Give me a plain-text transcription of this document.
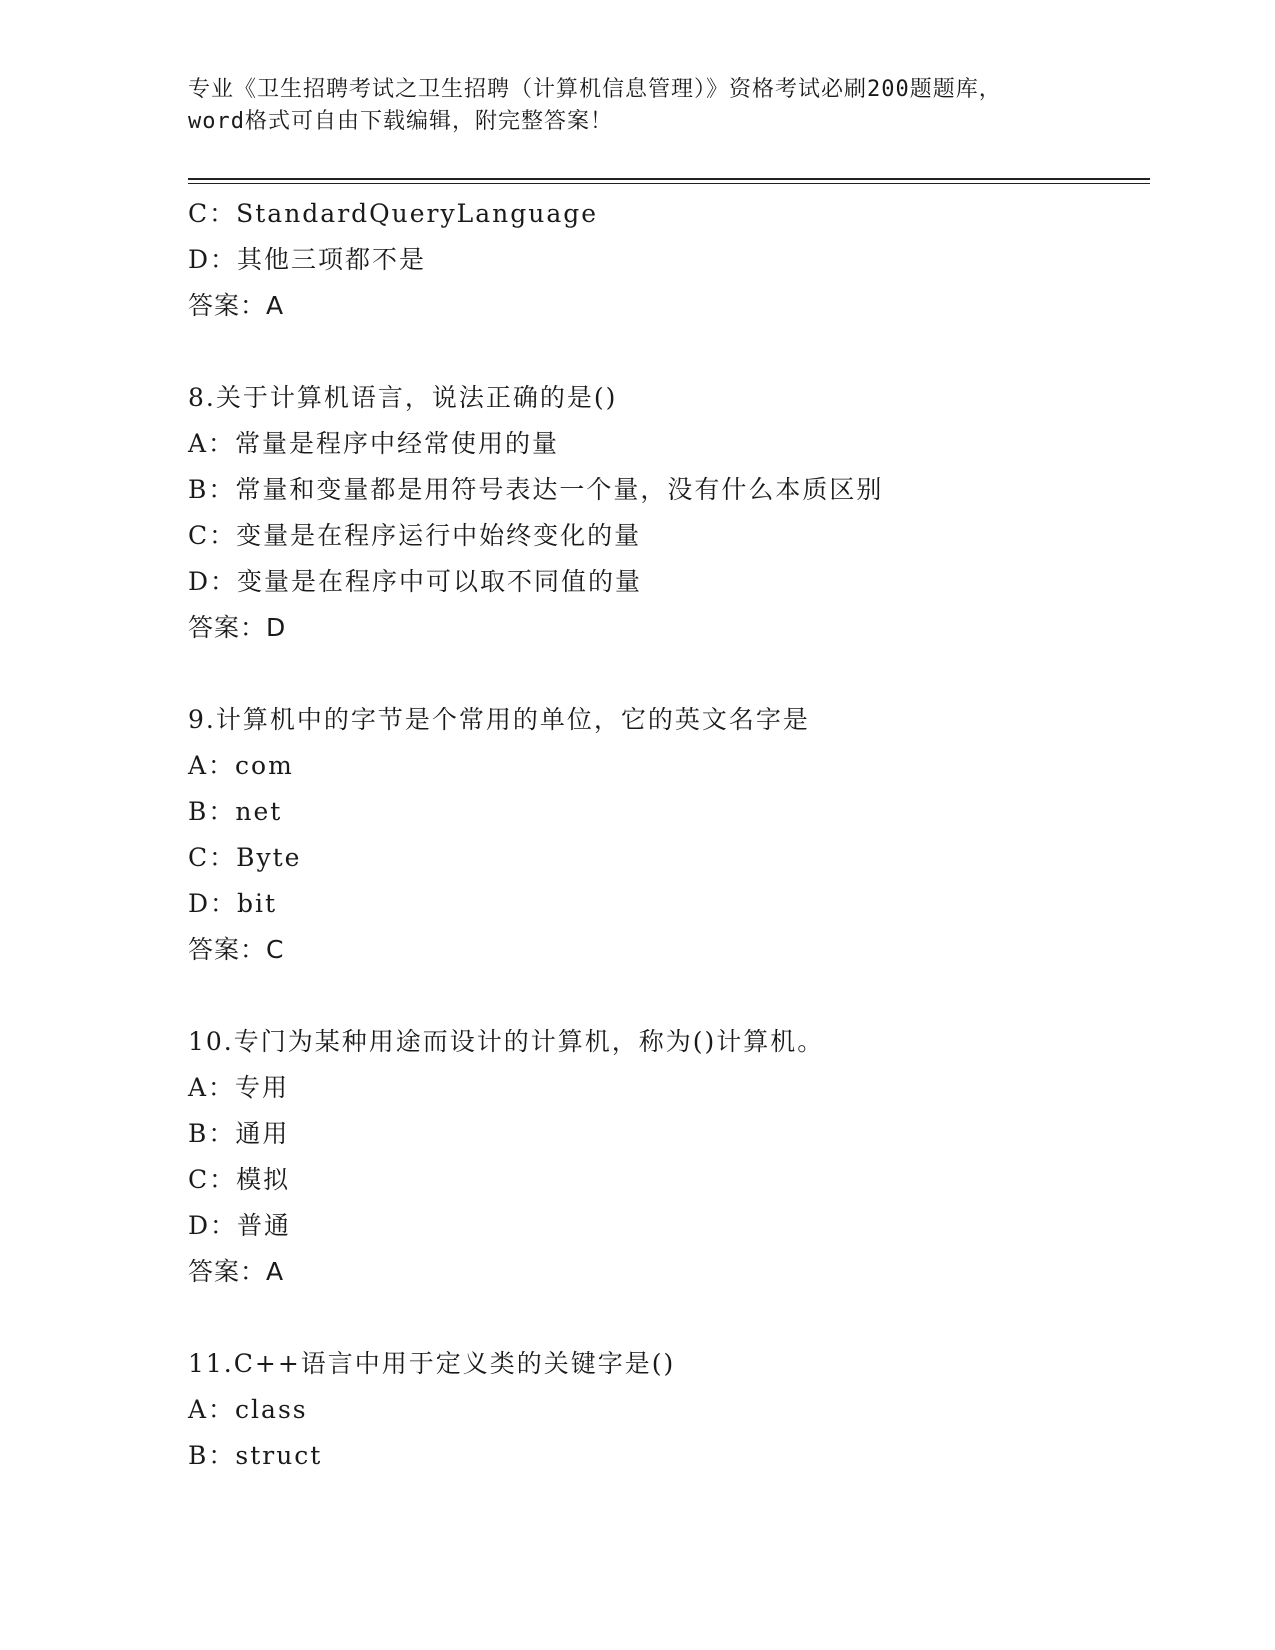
专业《卫生招聘考试之卫生招聘（计算机信息管理）》资格考试必刷200题题库，
word格式可自由下载编辑，附完整答案！
C：StandardQueryLanguage
D：其他三项都不是
答案：A
8.关于计算机语言，说法正确的是()
A：常量是程序中经常使用的量
B：常量和变量都是用符号表达一个量，没有什么本质区别
C：变量是在程序运行中始终变化的量
D：变量是在程序中可以取不同值的量
答案：D
9.计算机中的字节是个常用的单位，它的英文名字是
A：com
B：net
C：Byte
D：bit
答案：C
10.专门为某种用途而设计的计算机，称为()计算机。
A：专用
B：通用
C：模拟
D：普通
答案：A
11.C++语言中用于定义类的关键字是()
A：class
B：struct
